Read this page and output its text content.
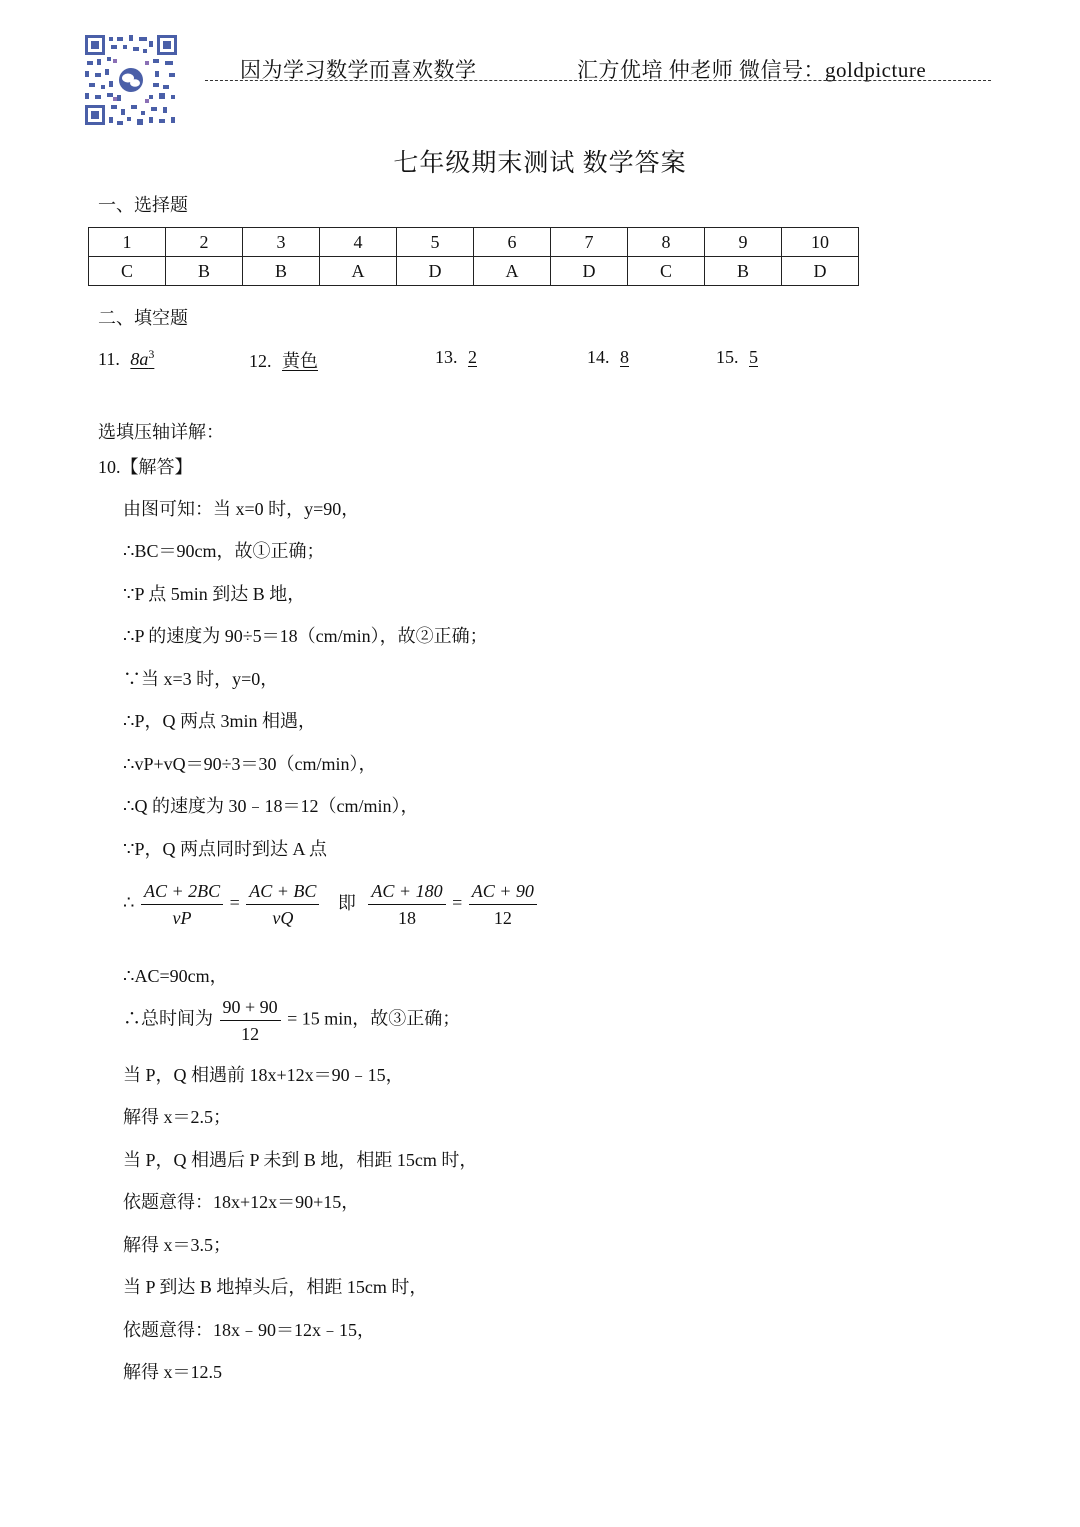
因为学习数学而喜欢数学	汇方优培 仲老师 微信号：goldpicture
七年级期末测试 数学答案
一、选择题
1	2	3	4	5	6	7	8	9	10
C	B	B	A	D	A	D	C	B	D
二、填空题
11. $8a^3$	12. 黄色	13. 2	14. 8	15. 5
选填压轴详解：
10.【解答】
由图可知：当 x=0 时，y=90，
∴BC＝90cm，故①正确；
∵P 点 5min 到达 B 地，
∴P 的速度为 90÷5＝18（cm/min），故②正确；
∵当 x=3 时，y=0，
∴P，Q 两点 3min 相遇，
∴vP+vQ＝90÷3＝30（cm/min），
∴Q 的速度为 30﹣18＝12（cm/min），
∵P，Q 两点同时到达 A 点
∴ $\frac{AC + 2BC}{vP} = \frac{AC + BC}{vQ}$ 即 $\frac{AC + 180}{18} = \frac{AC + 90}{12}$
∴AC=90cm，
∴总时间为 $\frac{90 + 90}{12} = 15$ min，故③正确；
当 P，Q 相遇前 18x+12x＝90﹣15，
解得 x＝2.5；
当 P，Q 相遇后 P 未到 B 地，相距 15cm 时，
依题意得：18x+12x＝90+15，
解得 x＝3.5；
当 P 到达 B 地掉头后，相距 15cm 时，
依题意得：18x﹣90＝12x﹣15，
解得 x＝12.5
